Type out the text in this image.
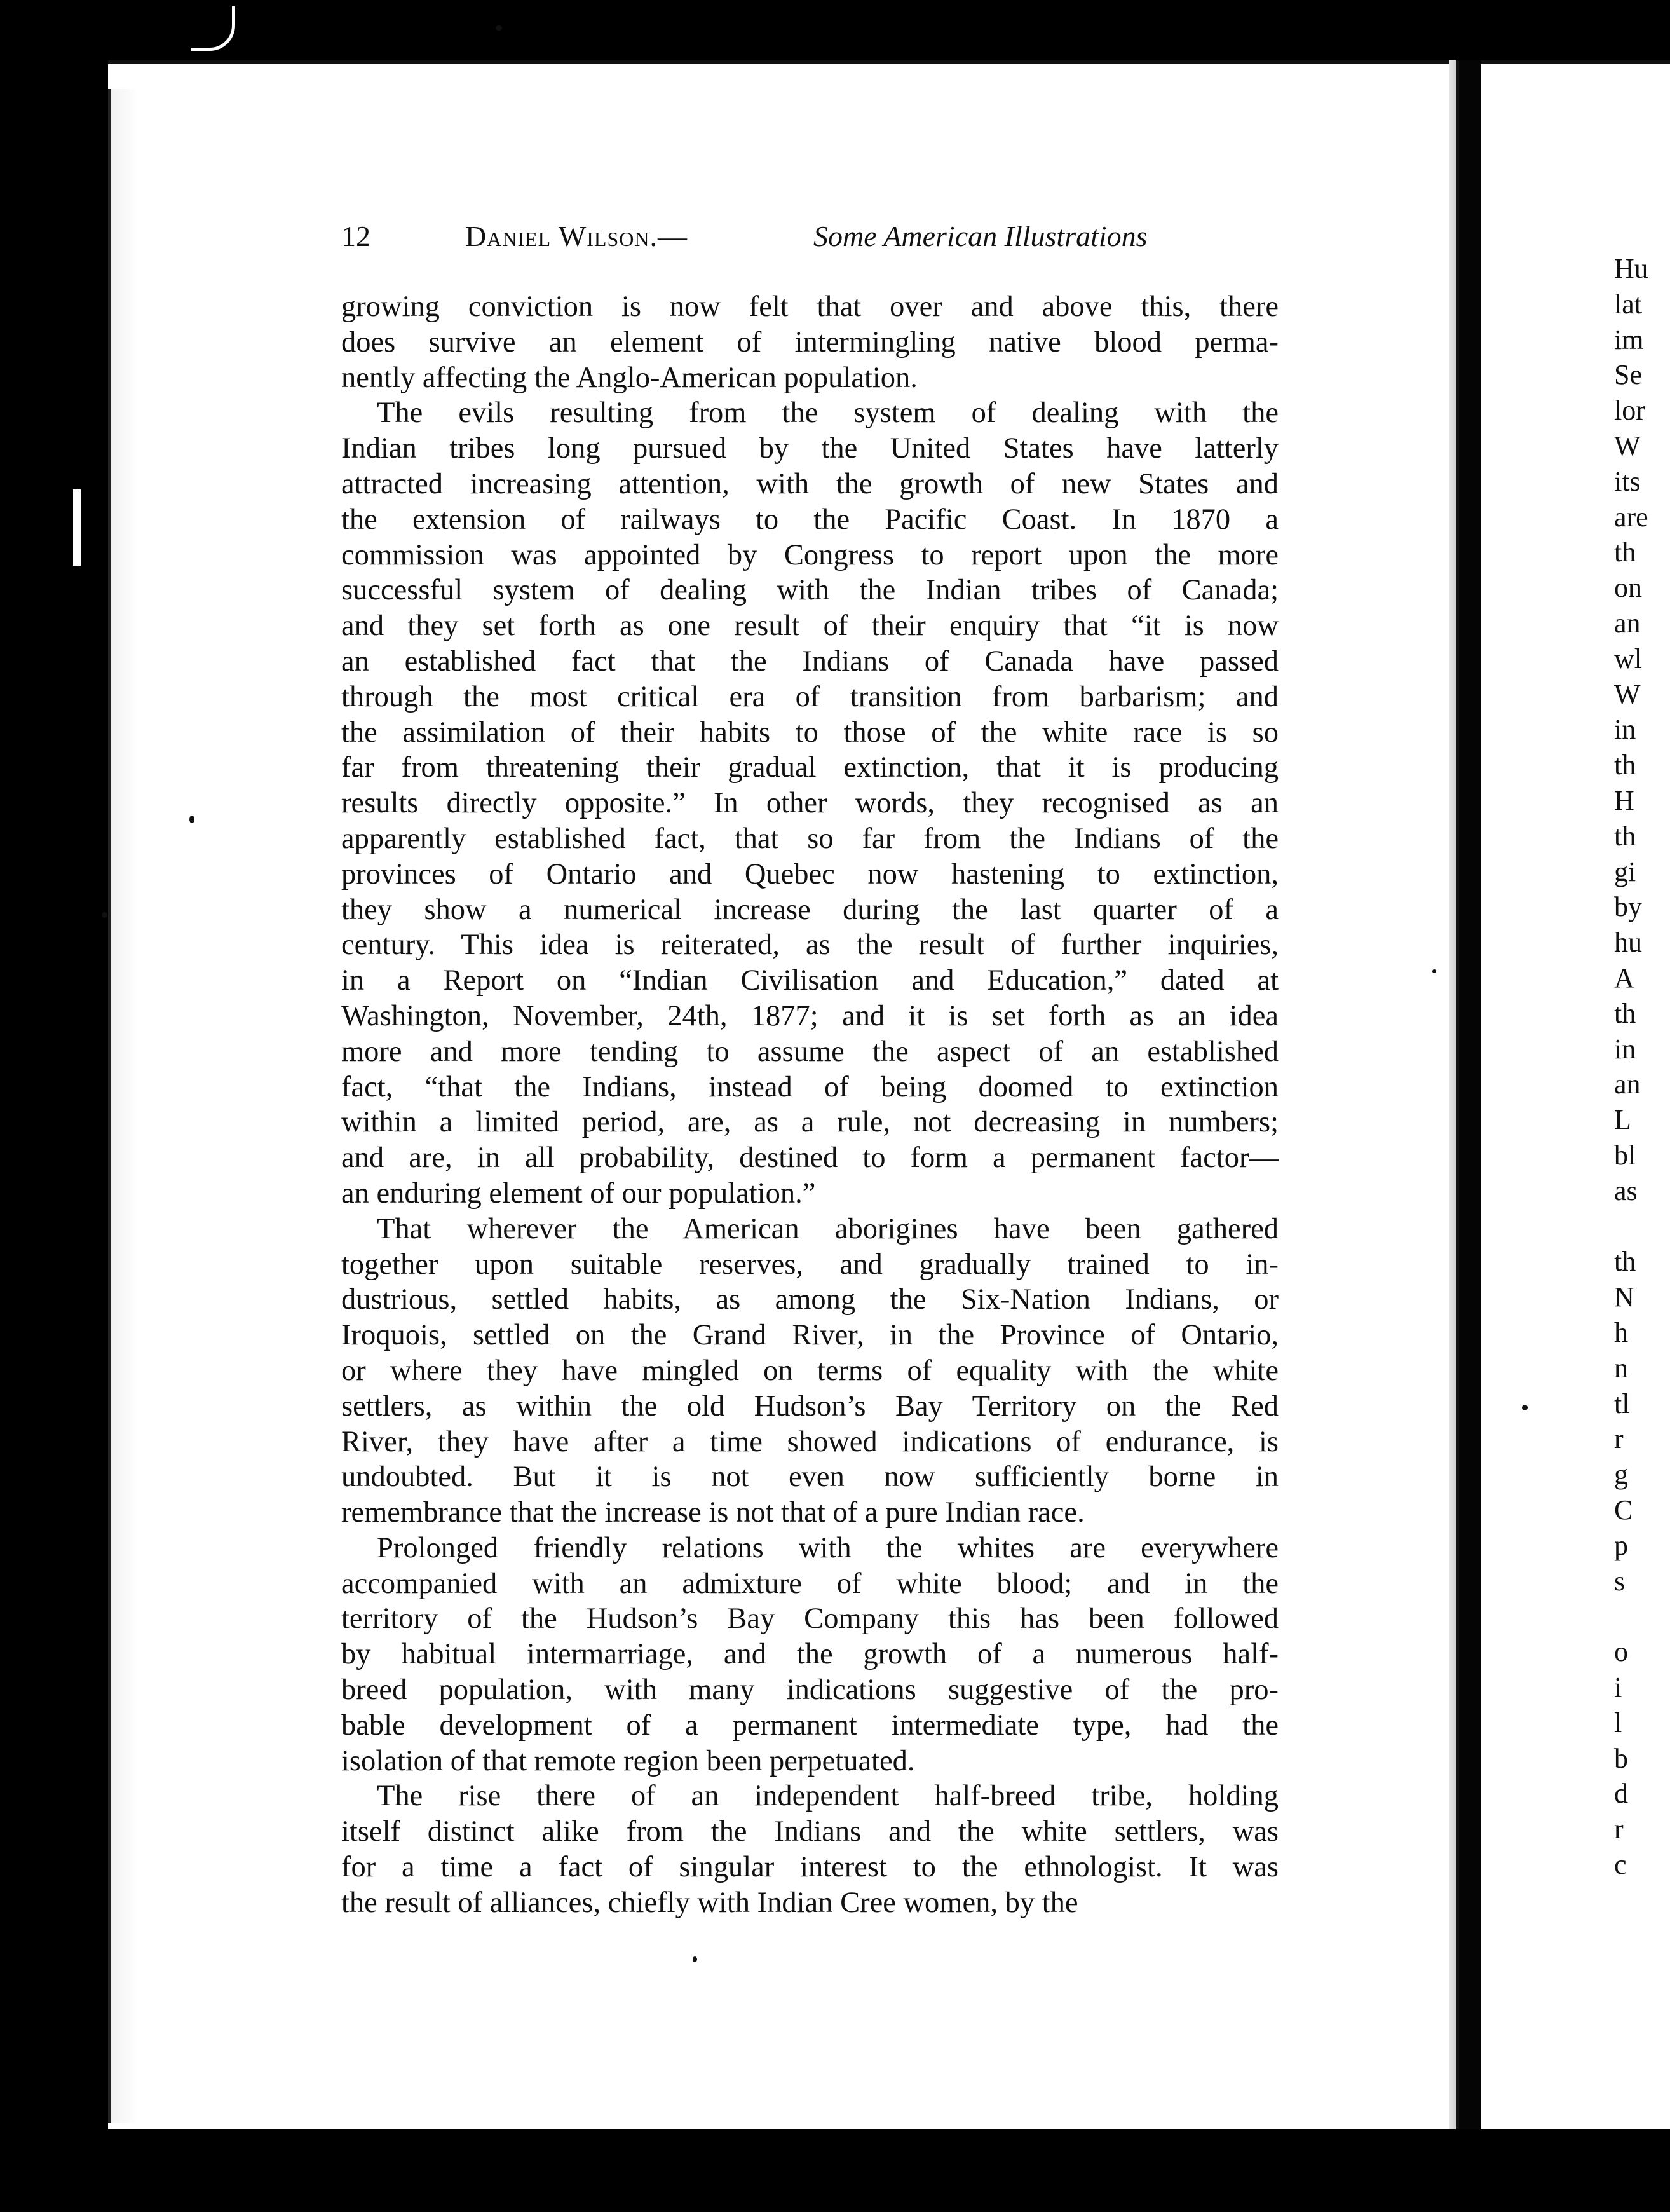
Hu
lat
im
Se
lor
W
its
are
th
on
an
wl
W
in
th
H
th
gi
by
hu
A
th
in
an
L
bl
as
th
N
h
n
tl
r
g
C
p
s
o
i
l
b
d
r
c
12	Daniel Wilson.—	Some American Illustrations

growing conviction is now felt that over and above this, there
does survive an element of intermingling native blood perma-
nently affecting the Anglo-American population.

The evils resulting from the system of dealing with the
Indian tribes long pursued by the United States have latterly
attracted increasing attention, with the growth of new States and
the extension of railways to the Pacific Coast. In 1870 a
commission was appointed by Congress to report upon the more
successful system of dealing with the Indian tribes of Canada;
and they set forth as one result of their enquiry that “it is now
an established fact that the Indians of Canada have passed
through the most critical era of transition from barbarism; and
the assimilation of their habits to those of the white race is so
far from threatening their gradual extinction, that it is producing
results directly opposite.” In other words, they recognised as an
apparently established fact, that so far from the Indians of the
provinces of Ontario and Quebec now hastening to extinction,
they show a numerical increase during the last quarter of a
century. This idea is reiterated, as the result of further inquiries,
in a Report on “Indian Civilisation and Education,” dated at
Washington, November, 24th, 1877; and it is set forth as an idea
more and more tending to assume the aspect of an established
fact, “that the Indians, instead of being doomed to extinction
within a limited period, are, as a rule, not decreasing in numbers;
and are, in all probability, destined to form a permanent factor—
an enduring element of our population.”

That wherever the American aborigines have been gathered
together upon suitable reserves, and gradually trained to in-
dustrious, settled habits, as among the Six-Nation Indians, or
Iroquois, settled on the Grand River, in the Province of Ontario,
or where they have mingled on terms of equality with the white
settlers, as within the old Hudson’s Bay Territory on the Red
River, they have after a time showed indications of endurance, is
undoubted. But it is not even now sufficiently borne in
remembrance that the increase is not that of a pure Indian race.

Prolonged friendly relations with the whites are everywhere
accompanied with an admixture of white blood; and in the
territory of the Hudson’s Bay Company this has been followed
by habitual intermarriage, and the growth of a numerous half-
breed population, with many indications suggestive of the pro-
bable development of a permanent intermediate type, had the
isolation of that remote region been perpetuated.

The rise there of an independent half-breed tribe, holding
itself distinct alike from the Indians and the white settlers, was
for a time a fact of singular interest to the ethnologist. It was
the result of alliances, chiefly with Indian Cree women, by the
